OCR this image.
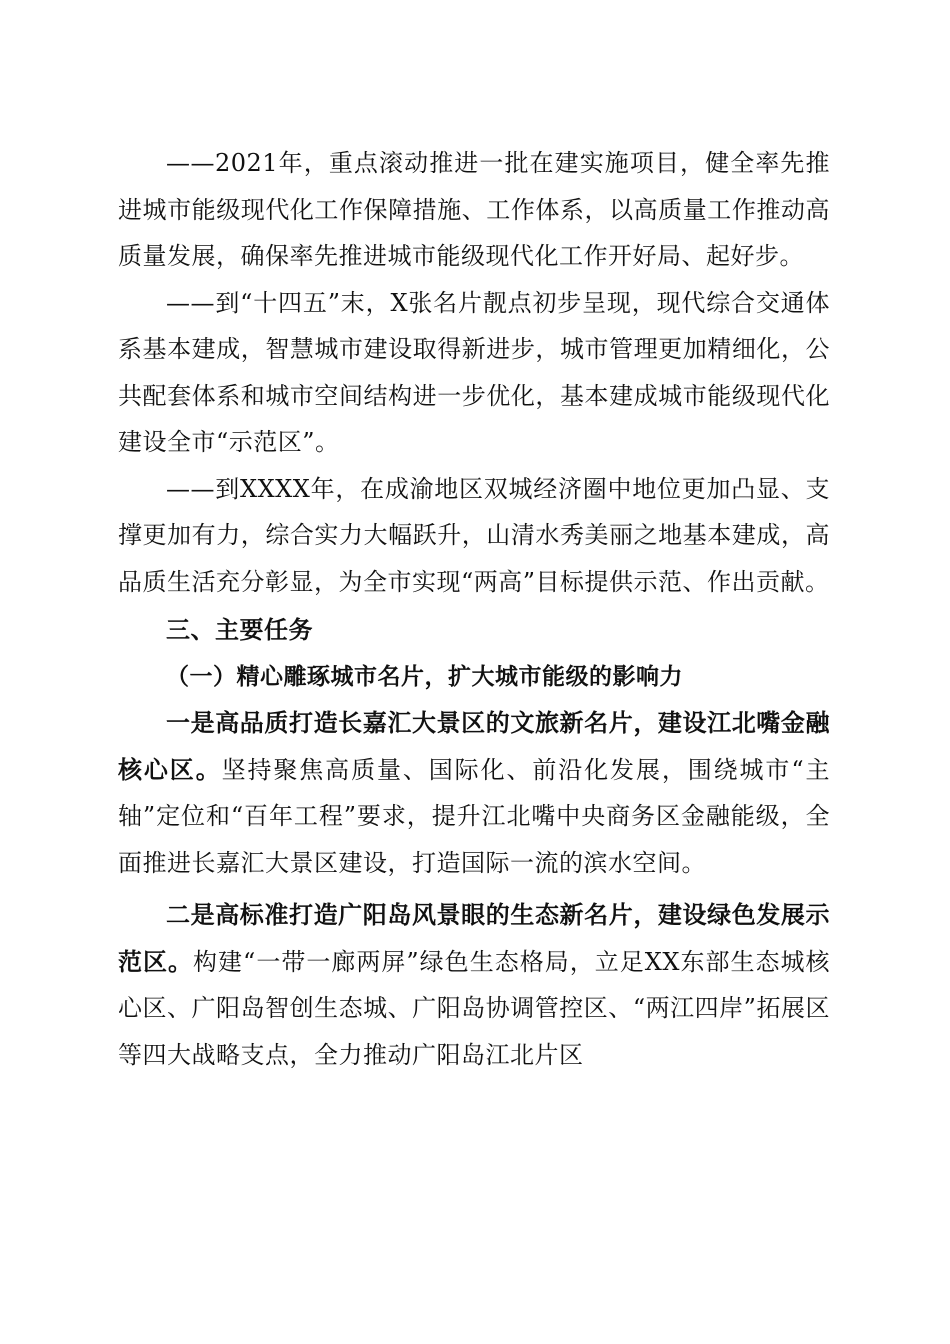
——2021年，重点滚动推进一批在建实施项目，健全率先推进城市能级现代化工作保障措施、工作体系，以高质量工作推动高质量发展，确保率先推进城市能级现代化工作开好局、起好步。

——到“十四五”末，X张名片靓点初步呈现，现代综合交通体系基本建成，智慧城市建设取得新进步，城市管理更加精细化，公共配套体系和城市空间结构进一步优化，基本建成城市能级现代化建设全市“示范区”。

——到XXXX年，在成渝地区双城经济圈中地位更加凸显、支撑更加有力，综合实力大幅跃升，山清水秀美丽之地基本建成，高品质生活充分彰显，为全市实现“两高”目标提供示范、作出贡献。

三、主要任务

（一）精心雕琢城市名片，扩大城市能级的影响力

一是高品质打造长嘉汇大景区的文旅新名片，建设江北嘴金融核心区。坚持聚焦高质量、国际化、前沿化发展，围绕城市“主轴”定位和“百年工程”要求，提升江北嘴中央商务区金融能级，全面推进长嘉汇大景区建设，打造国际一流的滨水空间。

二是高标准打造广阳岛风景眼的生态新名片，建设绿色发展示范区。构建“一带一廊两屏”绿色生态格局，立足XX东部生态城核心区、广阳岛智创生态城、广阳岛协调管控区、“两江四岸”拓展区等四大战略支点，全力推动广阳岛江北片区
